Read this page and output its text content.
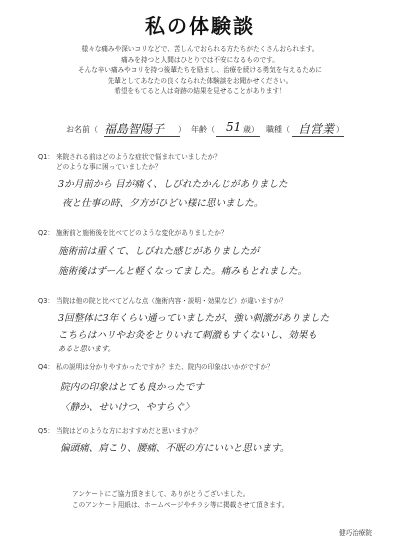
私の体験談
様々な痛みや深いコリなどで、苦しんでおられる方たちがたくさんおられます。
痛みを持つと人間はひとりでは不安になるものです。
そんな辛い痛みやコリを持つ後輩たちを励まし、治療を続ける勇気を与えるために
先輩としてあなたの良くなられた体験談をお聞かせください。
希望をもてると人は奇跡の結果を見せることがあります！
お名前（ 福島智陽子 ） 年齢（ 51 歳） 職種（ 自営業 ）
Q1： 来院される前はどのような症状で悩まれていましたか？
どのような事に困っていましたか？
3か月前から 目が痛く、しびれたかんじがありました
夜と仕事の時、夕方がひどい様に思いました。
Q2： 施術前と施術後を比べてどのような変化がありましたか？
施術前は重くて、しびれた感じがありましたが
施術後はずーんと軽くなってました。痛みもとれました。
Q3： 当院は他の院と比べてどんな点（施術内容・説明・効果など）が違いますか？
3回整体に3年くらい通っていましたが、強い刺激がありました
こちらはハリやお灸をとりいれて刺激もすくないし、効果も
あると思います。
Q4： 私の説明は分かりやすかったですか？また、院内の印象はいかがですか？
院内の印象はとても良かったです
〈静か、せいけつ、やすらぐ〉
Q5： 当院はどのような方におすすめだと思いますか？
偏頭痛、肩こり、腰痛、不眠の方にいいと思います。
アンケートにご協力頂きまして、ありがとうございました。
このアンケート用紙は、ホームページやチラシ等に掲載させて頂きます。
健巧治療院
